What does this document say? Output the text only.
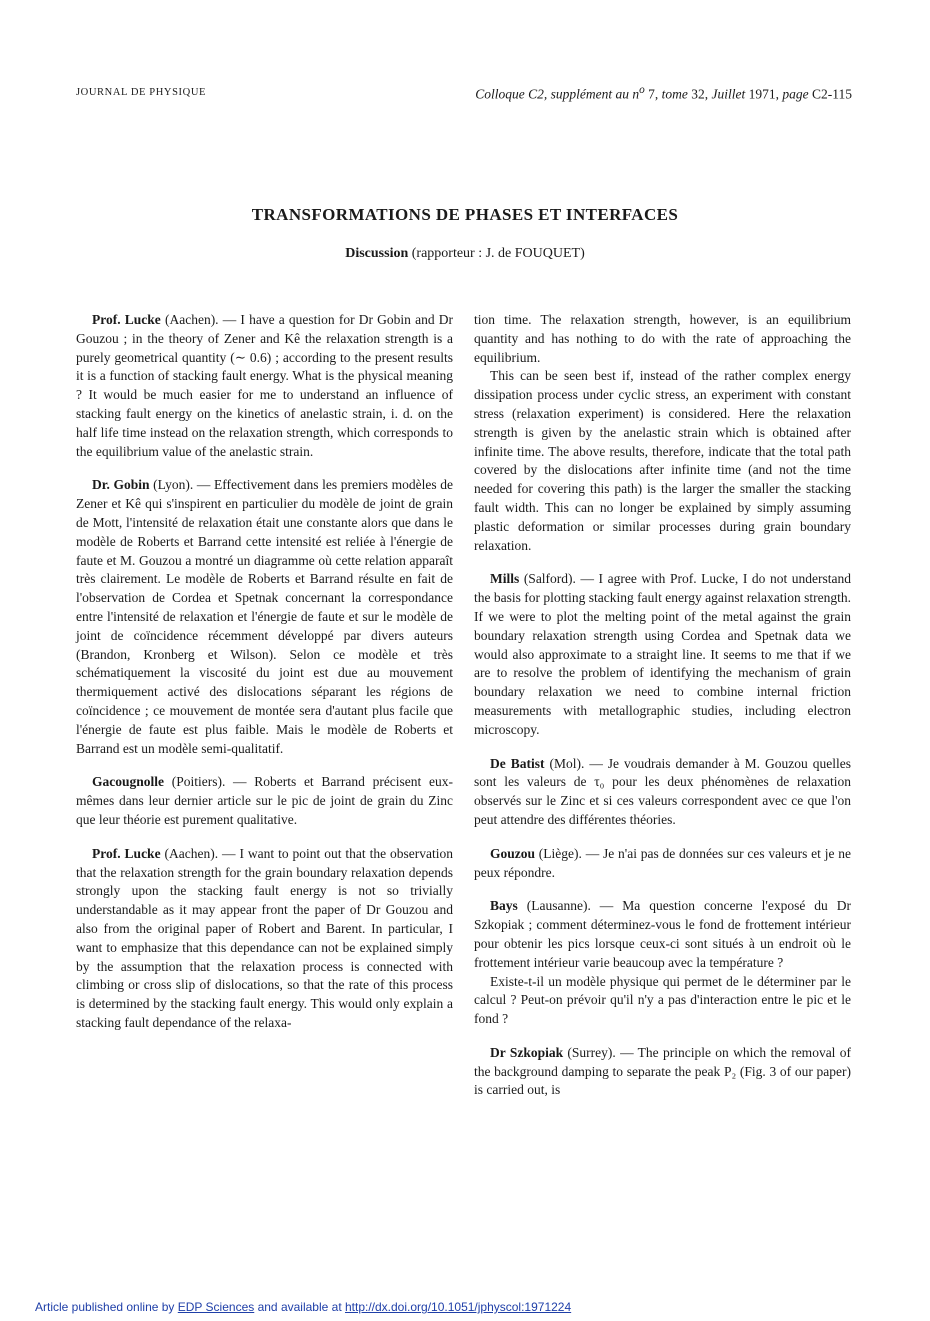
JOURNAL DE PHYSIQUE	Colloque C2, supplément au $n^o$ 7, tome 32, Juillet 1971, page C2-115
TRANSFORMATIONS DE PHASES ET INTERFACES
Discussion (rapporteur : J. de FOUQUET)

Prof. Lucke (Aachen). — I have a question for Dr Gobin and Dr Gouzou ; in the theory of Zener and Kê the relaxation strength is a purely geometrical quantity (∼ 0.6) ; according to the present results it is a function of stacking fault energy. What is the physical meaning ? It would be much easier for me to understand an influence of stacking fault energy on the kinetics of anelastic strain, i. d. on the half life time instead on the relaxation strength, which corresponds to the equilibrium value of the anelastic strain.

Dr. Gobin (Lyon). — Effectivement dans les premiers modèles de Zener et Kê qui s'inspirent en particulier du modèle de joint de grain de Mott, l'intensité de relaxation était une constante alors que dans le modèle de Roberts et Barrand cette intensité est reliée à l'énergie de faute et M. Gouzou a montré un diagramme où cette relation apparaît très clairement. Le modèle de Roberts et Barrand résulte en fait de l'observation de Cordea et Spetnak concernant la correspondance entre l'intensité de relaxation et l'énergie de faute et sur le modèle de joint de coïncidence récemment développé par divers auteurs (Brandon, Kronberg et Wilson). Selon ce modèle et très schématiquement la viscosité du joint est due au mouvement thermiquement activé des dislocations séparant les régions de coïncidence ; ce mouvement de montée sera d'autant plus facile que l'énergie de faute est plus faible. Mais le modèle de Roberts et Barrand est un modèle semi-qualitatif.

Gacougnolle (Poitiers). — Roberts et Barrand précisent eux-mêmes dans leur dernier article sur le pic de joint de grain du Zinc que leur théorie est purement qualitative.

Prof. Lucke (Aachen). — I want to point out that the observation that the relaxation strength for the grain boundary relaxation depends strongly upon the stacking fault energy is not so trivially understandable as it may appear front the paper of Dr Gouzou and also from the original paper of Robert and Barent. In particular, I want to emphasize that this dependance can not be explained simply by the assumption that the relaxation process is connected with climbing or cross slip of dislocations, so that the rate of this process is determined by the stacking fault energy. This would only explain a stacking fault dependance of the relaxa-

tion time. The relaxation strength, however, is an equilibrium quantity and has nothing to do with the rate of approaching the equilibrium.

This can be seen best if, instead of the rather complex energy dissipation process under cyclic stress, an experiment with constant stress (relaxation experiment) is considered. Here the relaxation strength is given by the anelastic strain which is obtained after infinite time. The above results, therefore, indicate that the total path covered by the dislocations after infinite time (and not the time needed for covering this path) is the larger the smaller the stacking fault width. This can no longer be explained by simply assuming plastic deformation or similar processes during grain boundary relaxation.

Mills (Salford). — I agree with Prof. Lucke, I do not understand the basis for plotting stacking fault energy against relaxation strength. If we were to plot the melting point of the metal against the grain boundary relaxation strength using Cordea and Spetnak data we would also approximate to a straight line. It seems to me that if we are to resolve the problem of identifying the mechanism of grain boundary relaxation we need to combine internal friction measurements with metallographic studies, including electron microscopy.

De Batist (Mol). — Je voudrais demander à M. Gouzou quelles sont les valeurs de τ₀ pour les deux phénomènes de relaxation observés sur le Zinc et si ces valeurs correspondent avec ce que l'on peut attendre des différentes théories.

Gouzou (Liège). — Je n'ai pas de données sur ces valeurs et je ne peux répondre.

Bays (Lausanne). — Ma question concerne l'exposé du Dr Szkopiak ; comment déterminez-vous le fond de frottement intérieur pour obtenir les pics lorsque ceux-ci sont situés à un endroit où le frottement intérieur varie beaucoup avec la température ?

Existe-t-il un modèle physique qui permet de le déterminer par le calcul ? Peut-on prévoir qu'il n'y a pas d'interaction entre le pic et le fond ?

Dr Szkopiak (Surrey). — The principle on which the removal of the background damping to separate the peak P₂ (Fig. 3 of our paper) is carried out, is

Article published online by EDP Sciences and available at http://dx.doi.org/10.1051/jphyscol:1971224
